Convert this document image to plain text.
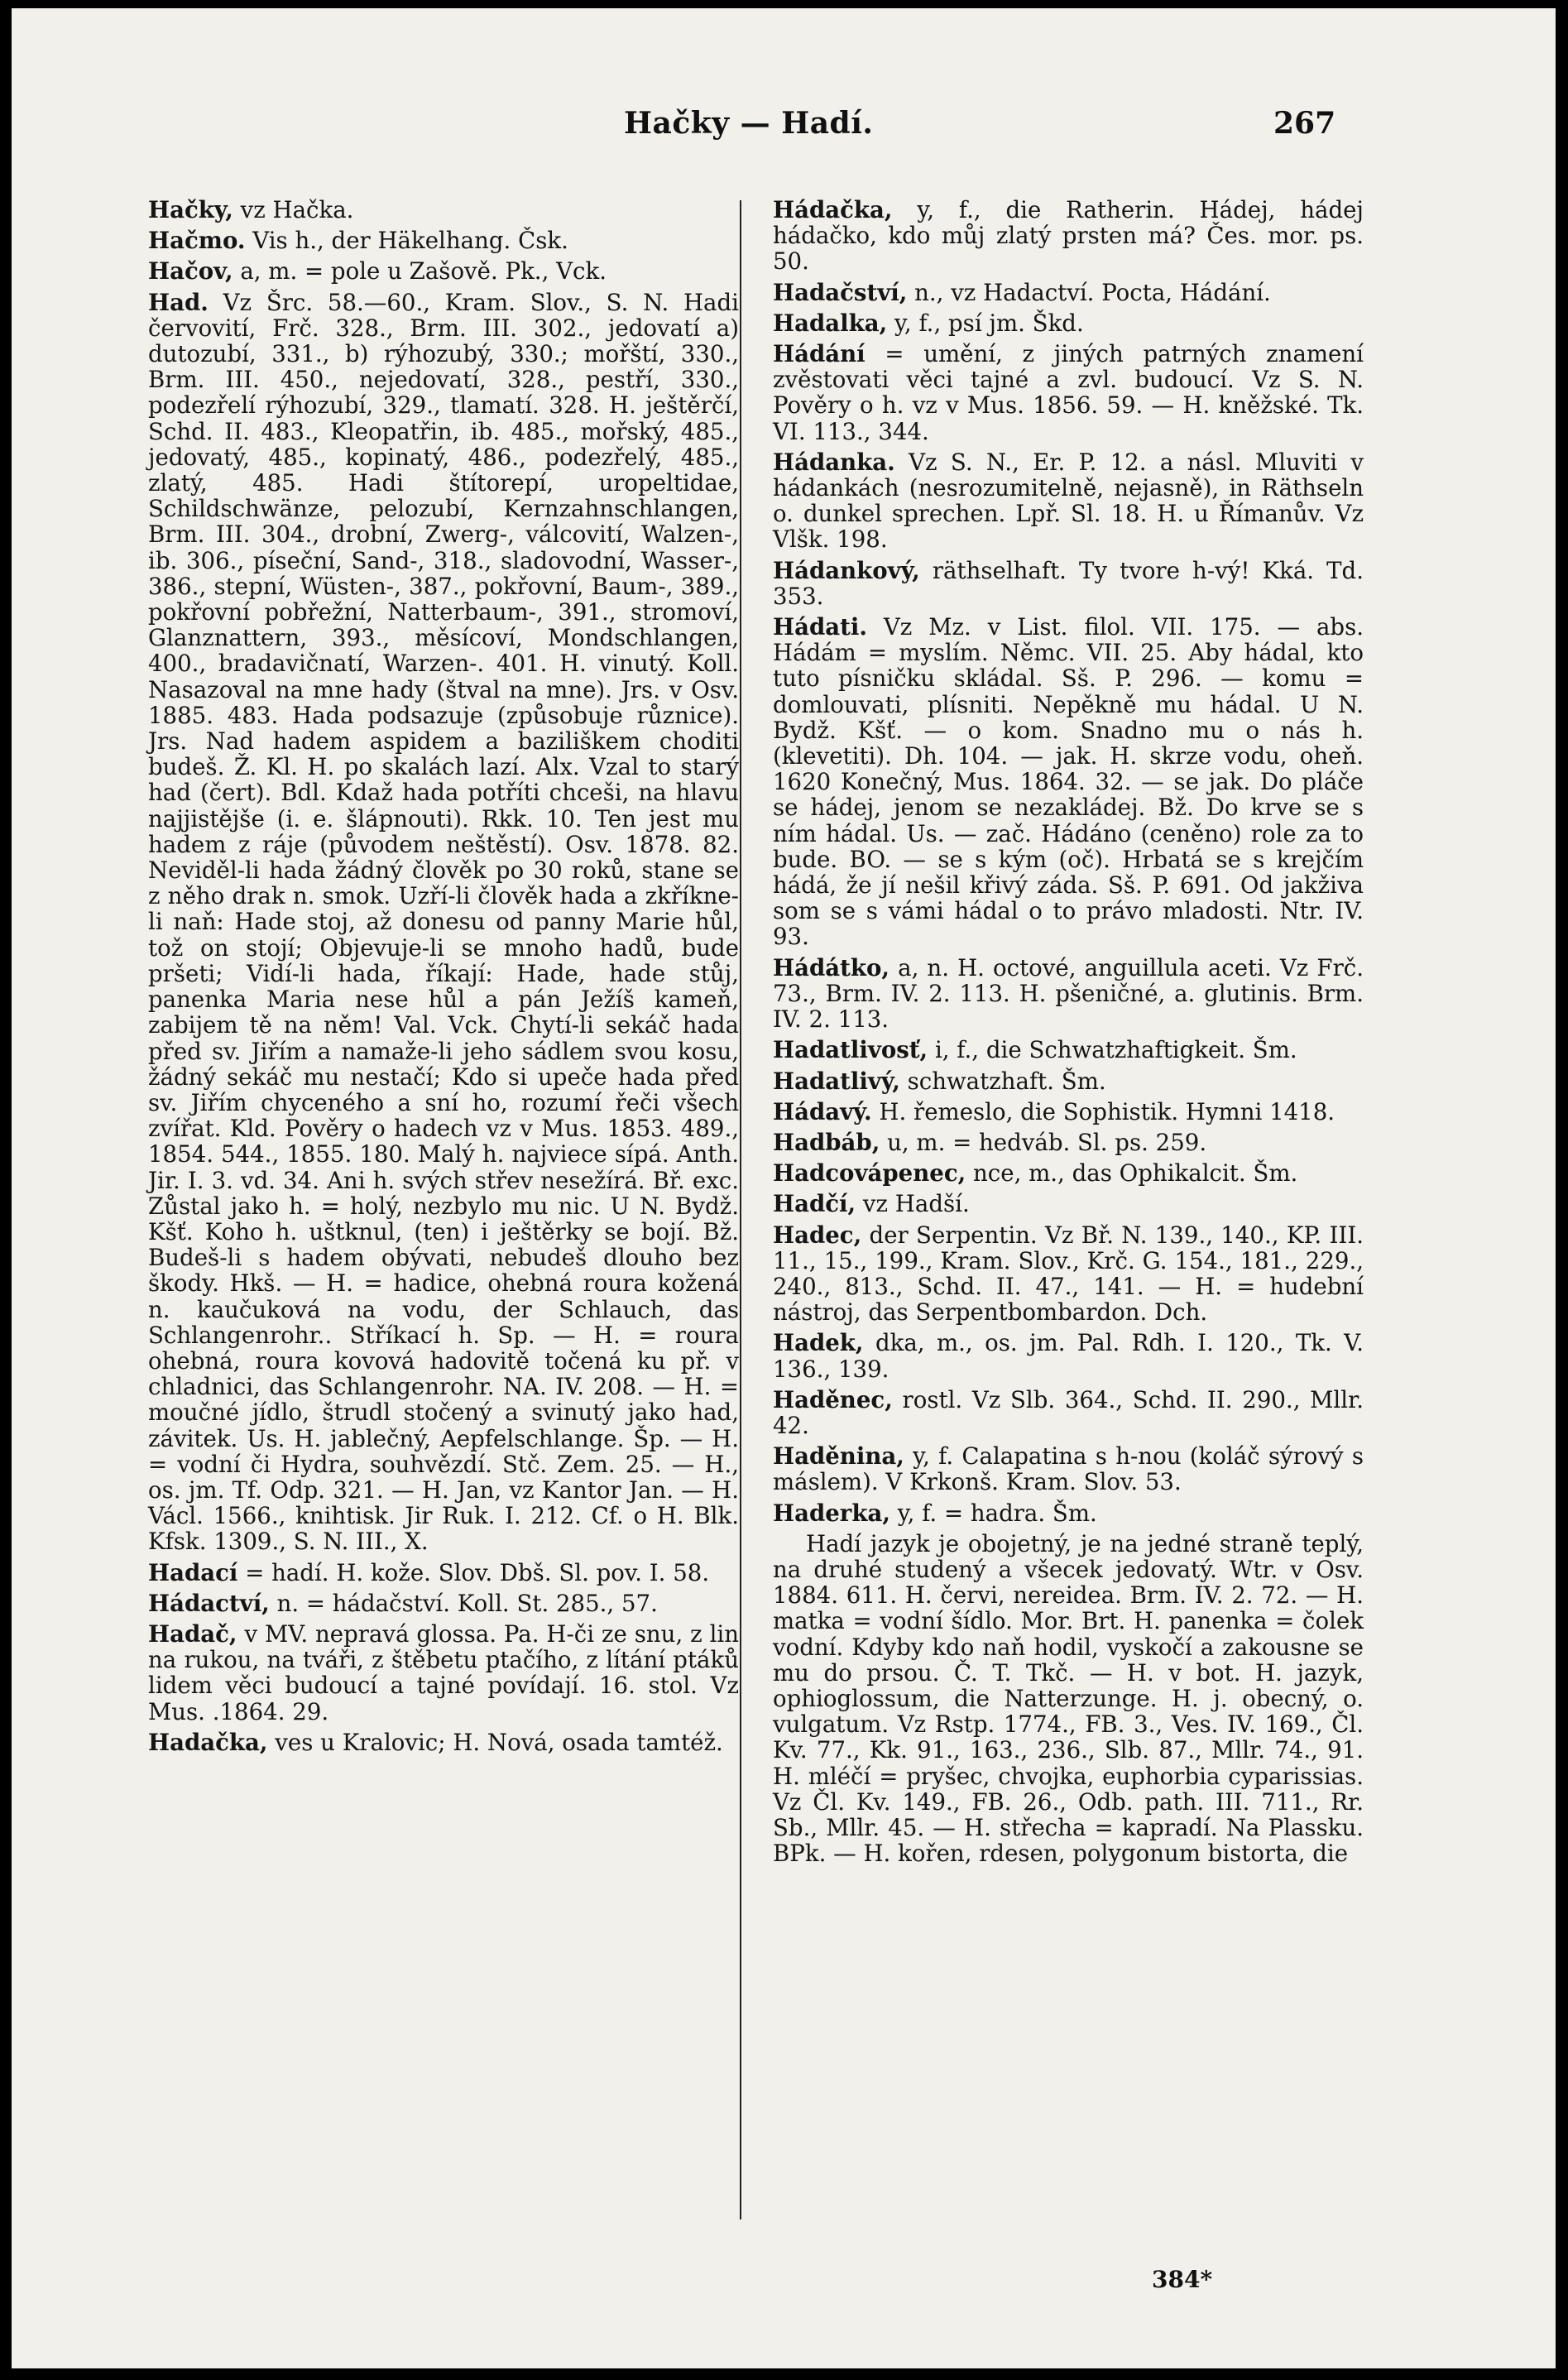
Hačky — Hadí.	267
Hačky, vz Hačka.
Hačmo. Vis h., der Häkelhang. Čsk.
Hačov, a, m. = pole u Zašově. Pk., Vck.
Had. Vz Šrc. 58.—60., Kram. Slov., S. N. Hadi červovití, Frč. 328., Brm. III. 302., jedovatí a) dutozubí, 331., b) rýhozubý, 330.; mořští, 330., Brm. III. 450., nejedovatí, 328., pestří, 330., podezřelí rýhozubí, 329., tlamatí. 328. H. ještěrčí, Schd. II. 483., Kleopatřin, ib. 485., mořský, 485., jedovatý, 485., kopinatý, 486., podezřelý, 485., zlatý, 485. Hadi štítorepí, uropeltidae, Schildschwänze, pelozubí, Kernzahnschlangen, Brm. III. 304., drobní, Zwerg-, válcovití, Walzen-, ib. 306., píseční, Sand-, 318., sladovodní, Wasser-, 386., stepní, Wüsten-, 387., pokřovní, Baum-, 389., pokřovní pobřežní, Natterbaum-, 391., stromoví, Glanznattern, 393., měsícoví, Mondschlangen, 400., bradavičnatí, Warzen-. 401. H. vinutý. Koll. Nasazoval na mne hady (štval na mne). Jrs. v Osv. 1885. 483. Hada podsazuje (způsobuje různice). Jrs. Nad hadem aspidem a baziliškem choditi budeš. Ž. Kl. H. po skalách lazí. Alx. Vzal to starý had (čert). Bdl. Kdaž hada potříti chceši, na hlavu najjistějše (i. e. šlápnouti). Rkk. 10. Ten jest mu hadem z ráje (původem neštěstí). Osv. 1878. 82. Neviděl-li hada žádný člověk po 30 roků, stane se z něho drak n. smok. Uzří-li člověk hada a zkříkne-li naň: Hade stoj, až donesu od panny Marie hůl, tož on stojí; Objevuje-li se mnoho hadů, bude pršeti; Vidí-li hada, říkají: Hade, hade stůj, panenka Maria nese hůl a pán Ježíš kameň, zabijem tě na něm! Val. Vck. Chytí-li sekáč hada před sv. Jiřím a namaže-li jeho sádlem svou kosu, žádný sekáč mu nestačí; Kdo si upeče hada před sv. Jiřím chyceného a sní ho, rozumí řeči všech zvířat. Kld. Pověry o hadech vz v Mus. 1853. 489., 1854. 544., 1855. 180. Malý h. najviece sípá. Anth. Jir. I. 3. vd. 34. Ani h. svých střev nesežírá. Bř. exc. Zůstal jako h. = holý, nezbylo mu nic. U N. Bydž. Kšť. Koho h. uštknul, (ten) i ještěrky se bojí. Bž. Budeš-li s hadem obývati, nebudeš dlouho bez škody. Hkš. — H. = hadice, ohebná roura kožená n. kaučuková na vodu, der Schlauch, das Schlangenrohr.. Stříkací h. Sp. — H. = roura ohebná, roura kovová hadovitě točená ku př. v chladnici, das Schlangenrohr. NA. IV. 208. — H. = moučné jídlo, štrudl stočený a svinutý jako had, závitek. Us. H. jablečný, Aepfelschlange. Šp. — H. = vodní či Hydra, souhvězdí. Stč. Zem. 25. — H., os. jm. Tf. Odp. 321. — H. Jan, vz Kantor Jan. — H. Václ. 1566., knihtisk. Jir Ruk. I. 212. Cf. o H. Blk. Kfsk. 1309., S. N. III., X.
Hadací = hadí. H. kože. Slov. Dbš. Sl. pov. I. 58.
Hádactví, n. = hádačství. Koll. St. 285., 57.
Hadač, v MV. nepravá glossa. Pa. H-či ze snu, z lin na rukou, na tváři, z štěbetu ptačího, z lítání ptáků lidem věci budoucí a tajné povídají. 16. stol. Vz Mus. .1864. 29.
Hadačka, ves u Kralovic; H. Nová, osada tamtéž.
Hádačka, y, f., die Ratherin. Hádej, hádej hádačko, kdo můj zlatý prsten má? Čes. mor. ps. 50.
Hadačství, n., vz Hadactví. Pocta, Hádání.
Hadalka, y, f., psí jm. Škd.
Hádání = umění, z jiných patrných znamení zvěstovati věci tajné a zvl. budoucí. Vz S. N. Pověry o h. vz v Mus. 1856. 59. — H. kněžské. Tk. VI. 113., 344.
Hádanka. Vz S. N., Er. P. 12. a násl. Mluviti v hádankách (nesrozumitelně, nejasně), in Räthseln o. dunkel sprechen. Lpř. Sl. 18. H. u Římanův. Vz Vlšk. 198.
Hádankový, räthselhaft. Ty tvore h-vý! Kká. Td. 353.
Hádati. Vz Mz. v List. filol. VII. 175. — abs. Hádám = myslím. Němc. VII. 25. Aby hádal, kto tuto písničku skládal. Sš. P. 296. — komu = domlouvati, plísniti. Nepěkně mu hádal. U N. Bydž. Kšť. — o kom. Snadno mu o nás h. (klevetiti). Dh. 104. — jak. H. skrze vodu, oheň. 1620 Konečný, Mus. 1864. 32. — se jak. Do pláče se hádej, jenom se nezakládej. Bž. Do krve se s ním hádal. Us. — zač. Hádáno (ceněno) role za to bude. BO. — se s kým (oč). Hrbatá se s krejčím hádá, že jí nešil křivý záda. Sš. P. 691. Od jakživa som se s vámi hádal o to právo mladosti. Ntr. IV. 93.
Hádátko, a, n. H. octové, anguillula aceti. Vz Frč. 73., Brm. IV. 2. 113. H. pšeničné, a. glutinis. Brm. IV. 2. 113.
Hadatlivosť, i, f., die Schwatzhaftigkeit. Šm.
Hadatlivý, schwatzhaft. Šm.
Hádavý. H. řemeslo, die Sophistik. Hymni 1418.
Hadbáb, u, m. = hedváb. Sl. ps. 259.
Hadcovápenec, nce, m., das Ophikalcit. Šm.
Hadčí, vz Hadší.
Hadec, der Serpentin. Vz Bř. N. 139., 140., KP. III. 11., 15., 199., Kram. Slov., Krč. G. 154., 181., 229., 240., 813., Schd. II. 47., 141. — H. = hudební nástroj, das Serpentbombardon. Dch.
Hadek, dka, m., os. jm. Pal. Rdh. I. 120., Tk. V. 136., 139.
Haděnec, rostl. Vz Slb. 364., Schd. II. 290., Mllr. 42.
Haděnina, y, f. Calapatina s h-nou (koláč sýrový s máslem). V Krkonš. Kram. Slov. 53.
Haderka, y, f. = hadra. Šm.
Hadí jazyk je obojetný, je na jedné straně teplý, na druhé studený a všecek jedovatý. Wtr. v Osv. 1884. 611. H. červi, nereidea. Brm. IV. 2. 72. — H. matka = vodní šídlo. Mor. Brt. H. panenka = čolek vodní. Kdyby kdo naň hodil, vyskočí a zakousne se mu do prsou. Č. T. Tkč. — H. v bot. H. jazyk, ophioglossum, die Natterzunge. H. j. obecný, o. vulgatum. Vz Rstp. 1774., FB. 3., Ves. IV. 169., Čl. Kv. 77., Kk. 91., 163., 236., Slb. 87., Mllr. 74., 91. H. mléčí = pryšec, chvojka, euphorbia cyparissias. Vz Čl. Kv. 149., FB. 26., Odb. path. III. 711., Rr. Sb., Mllr. 45. — H. střecha = kapradí. Na Plassku. BPk. — H. kořen, rdesen, polygonum bistorta, die
384*
